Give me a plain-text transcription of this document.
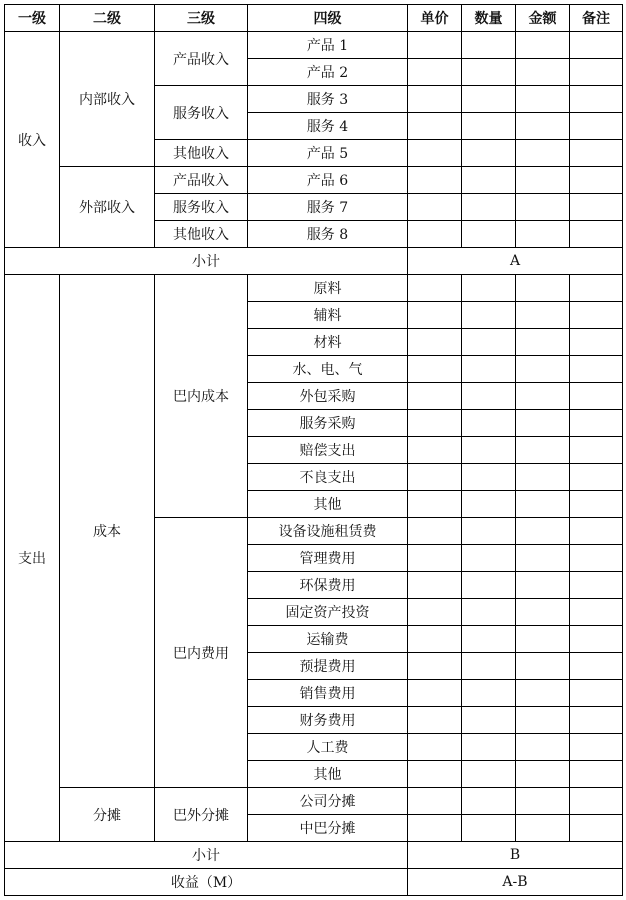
一级	二级	三级	四级	单价	数量	金额	备注
收入	内部收入	产品收入	产品 1				
			产品 2				
		服务收入	服务 3				
			服务 4				
		其他收入	产品 5				
	外部收入	产品收入	产品 6				
		服务收入	服务 7				
		其他收入	服务 8				
小计				A			
支出	成本	巴内成本	原料				
			辅料				
			材料				
			水、电、气				
			外包采购				
			服务采购				
			赔偿支出				
			不良支出				
			其他				
		巴内费用	设备设施租赁费				
			管理费用				
			环保费用				
			固定资产投资				
			运输费				
			预提费用				
			销售费用				
			财务费用				
			人工费				
			其他				
	分摊	巴外分摊	公司分摊				
			中巴分摊				
小计				B			
收益（M）				A-B			
